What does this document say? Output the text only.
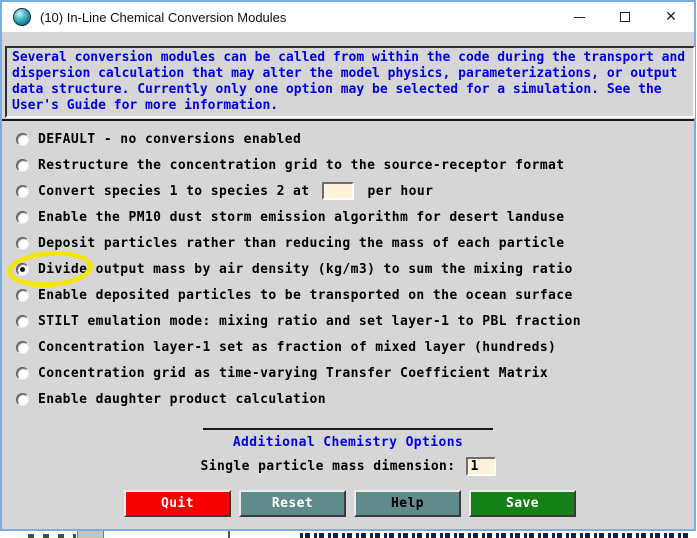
(10) In-Line Chemical Conversion Modules	✕
Several conversion modules can be called from within the code during the transport and dispersion calculation that may alter the model physics, parameterizations, or output data structure. Currently only one option may be selected for a simulation. See the User's Guide for more information.
DEFAULT - no conversions enabled
Restructure the concentration grid to the source-receptor format
Convert species 1 to species 2 at	per hour
Enable the PM10 dust storm emission algorithm for desert landuse
Deposit particles rather than reducing the mass of each particle
Divide output mass by air density (kg/m3) to sum the mixing ratio
Enable deposited particles to be transported on the ocean surface
STILT emulation mode: mixing ratio and set layer-1 to PBL fraction
Concentration layer-1 set as fraction of mixed layer (hundreds)
Concentration grid as time-varying Transfer Coefficient Matrix
Enable daughter product calculation
Additional Chemistry Options
Single particle mass dimension:
1
Quit	Reset	Help	Save
